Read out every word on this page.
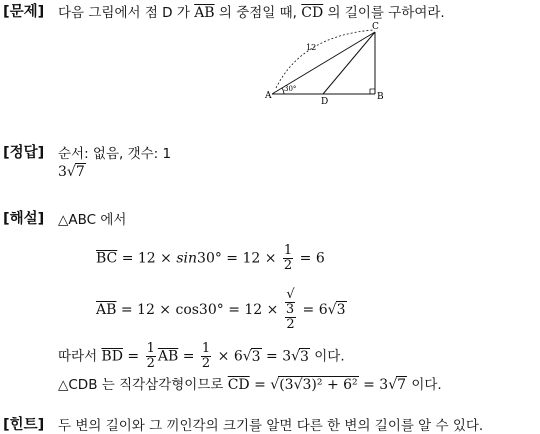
[문제] 다음 그림에서 점 D 가 $\overline{AB}$ 의 중점일 때, $\overline{CD}$ 의 길이를 구하여라.
A	B
C
D
12
30°
[정답] 순서: 없음, 갯수: 1
3√7
[해설] △ABC 에서
$\overline{BC} = 12 \times \sin 30^\circ = 12 \times \frac{1}{2} = 6$
$\overline{AB} = 12 \times \cos 30^\circ = 12$ × √
3
2 = 6√3
따라서 $\overline{BD} = \frac{1}{2} \overline{AB} = \frac{1}{2} \times 6√3 = 3√3$ 이다.
△CDB 는 직각삼각형이므로 $\overline{CD} = √(3√3)^2 + 6^2 = 3√7$ 이다.
[힌트] 두 변의 길이와 그 끼인각의 크기를 알면 다른 한 변의 길이를 알 수 있다.
